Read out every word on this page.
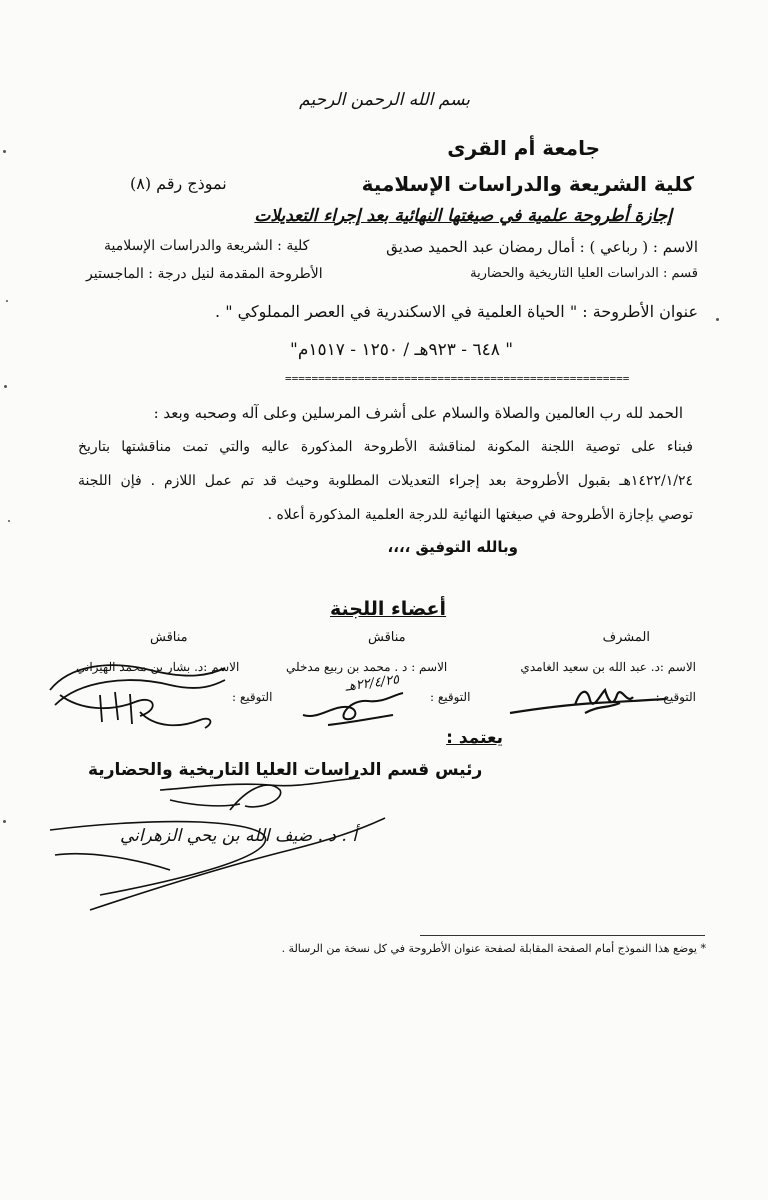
بسم الله الرحمن الرحيم
جامعة أم القرى
كلية الشريعة والدراسات الإسلامية
نموذج رقم (٨)
إجازة أطروحة علمية في صيغتها النهائية بعد إجراء التعديلات
الاسم : ( رباعي ) : أمال رمضان عبد الحميد صديق
كلية : الشريعة والدراسات الإسلامية
قسم : الدراسات العليا التاريخية والحضارية
الأطروحة المقدمة لنيل درجة : الماجستير
عنوان الأطروحة : " الحياة العلمية في الاسكندرية في العصر المملوكي " .
" ٦٤٨ - ٩٢٣هـ / ١٢٥٠ - ١٥١٧م"
====================================================
الحمد لله رب العالمين والصلاة والسلام على أشرف المرسلين وعلى آله وصحبه وبعد :
فبناء على توصية اللجنة المكونة لمناقشة الأطروحة المذكورة عاليه والتي تمت مناقشتها بتاريخ
١٤٢٢/١/٢٤هـ بقبول الأطروحة بعد إجراء التعديلات المطلوبة وحيث قد تم عمل اللازم . فإن اللجنة
توصي بإجازة الأطروحة في صيغتها النهائية للدرجة العلمية المذكورة أعلاه .
وبالله التوفيق ،،،،
أعضاء اللجنة
المشرف
مناقش
مناقش
الاسم :د. عبد الله بن سعيد الغامدي
الاسم : د . محمد بن ربيع مدخلي
الاسم :د. بشار بن محمد الهيزاني
التوقيع :
التوقيع :
التوقيع :
٢٢/٤/٢٥هـ
يعتمد :
رئيس قسم الدراسات العليا التاريخية والحضارية
أ . د . ضيف الله بن يحي الزهراني
* يوضع هذا النموذج أمام الصفحة المقابلة لصفحة عنوان الأطروحة في كل نسخة من الرسالة .
